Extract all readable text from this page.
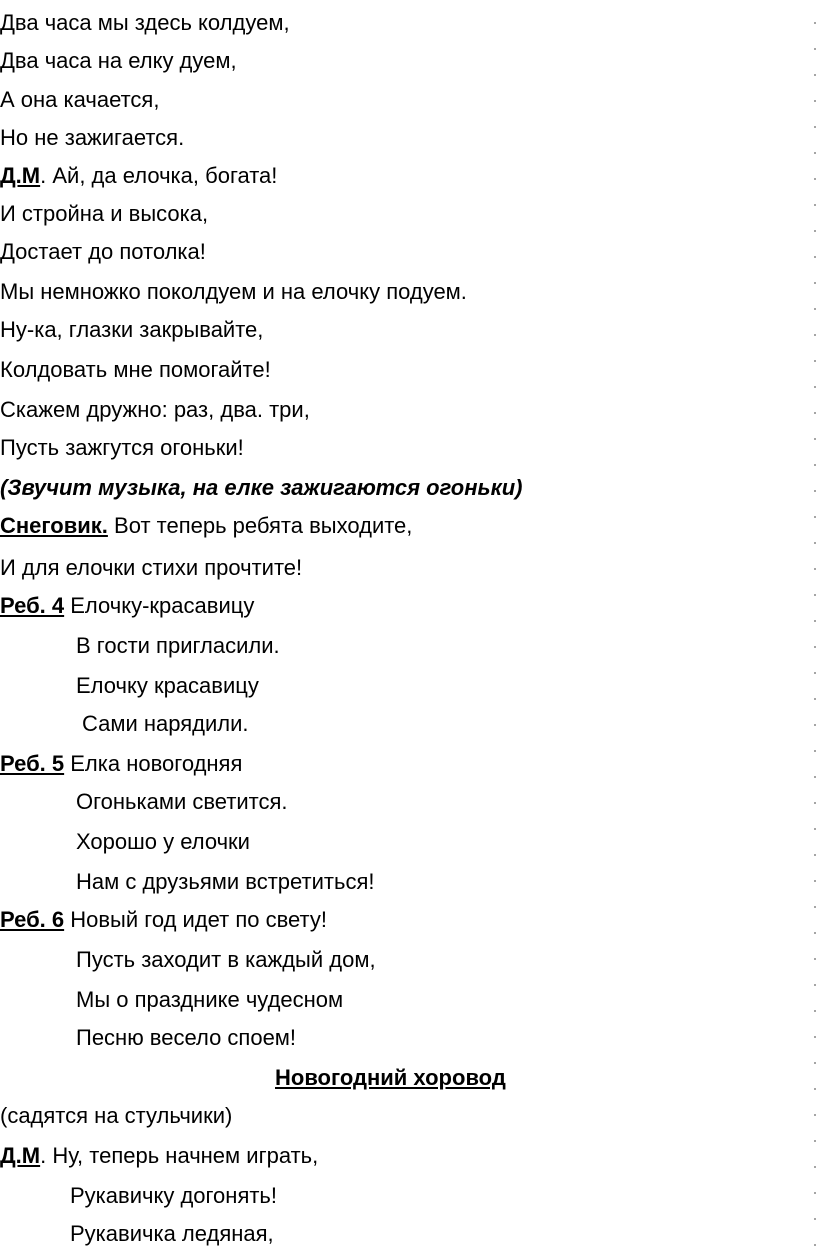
Два часа мы здесь колдуем,
Два часа на елку дуем,
А она качается,
Но не зажигается.
Д.М. Ай, да елочка, богата!
И стройна и высока,
Достает до потолка!
Мы немножко поколдуем и на елочку подуем.
Ну-ка, глазки закрывайте,
Колдовать мне помогайте!
Скажем дружно: раз, два. три,
Пусть зажгутся огоньки!
(Звучит музыка, на елке зажигаются огоньки)
Снеговик. Вот теперь ребята выходите,
И для елочки стихи прочтите!
Реб. 4 Елочку-красавицу
В гости пригласили.
Елочку красавицу
Сами нарядили.
Реб. 5 Елка новогодняя
Огоньками светится.
Хорошо у елочки
Нам с друзьями встретиться!
Реб. 6 Новый год идет по свету!
Пусть заходит в каждый дом,
Мы о празднике чудесном
Песню весело споем!
Новогодний хоровод
(садятся на стульчики)
Д.М. Ну, теперь начнем играть,
Рукавичку догонять!
Рукавичка ледяная,
